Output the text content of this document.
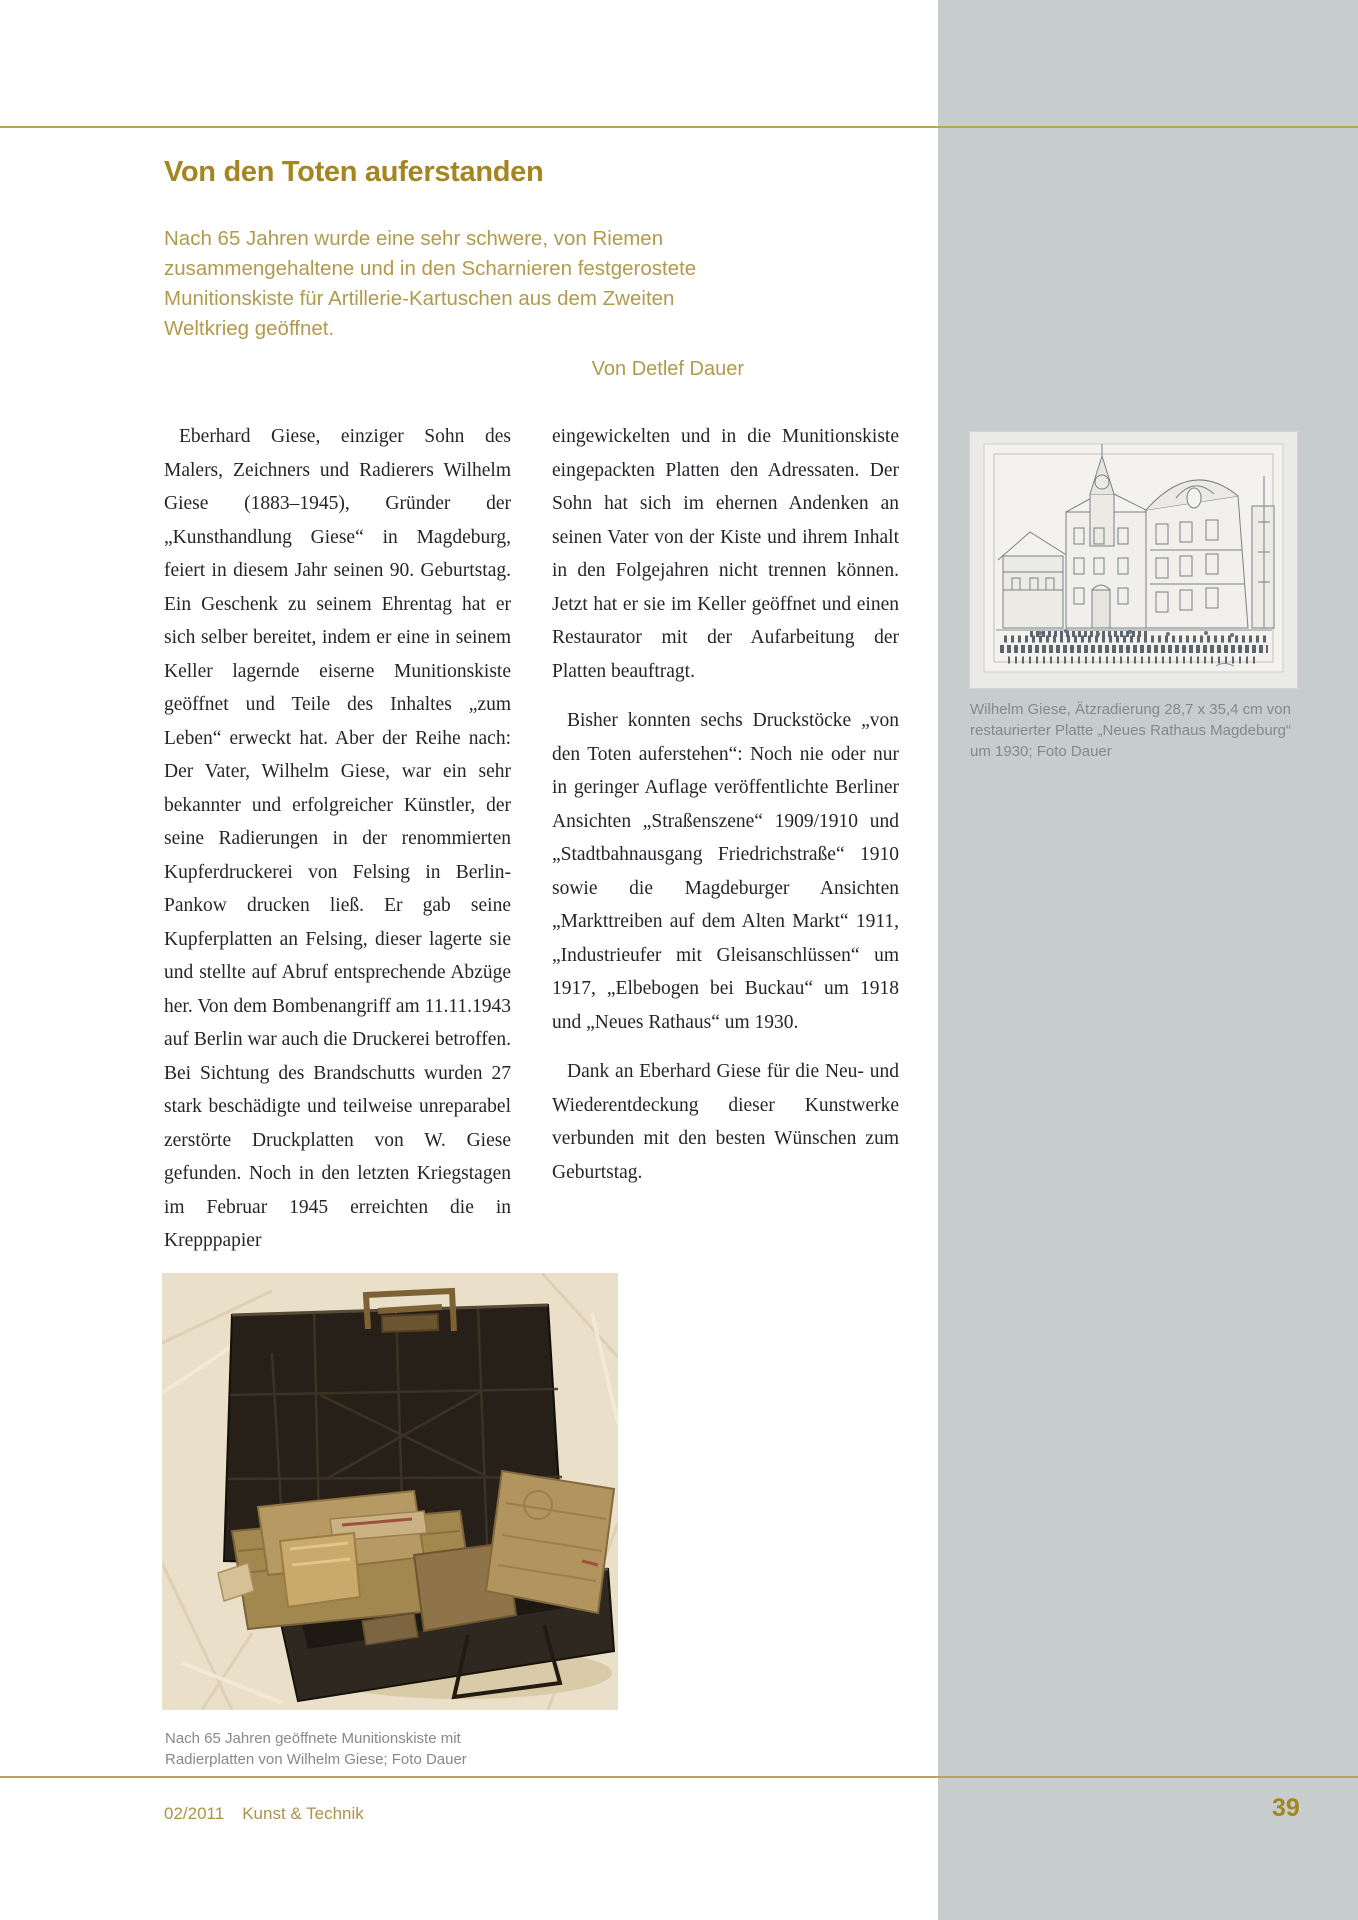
Von den Toten auferstanden
Nach 65 Jahren wurde eine sehr schwere, von Riemen zusammengehaltene und in den Scharnieren festgerostete Munitionskiste für Artillerie-Kartuschen aus dem Zweiten Weltkrieg geöffnet.
Von Detlef Dauer

Eberhard Giese, einziger Sohn des Malers, Zeichners und Radierers Wilhelm Giese (1883–1945), Gründer der „Kunsthandlung Giese“ in Magdeburg, feiert in diesem Jahr seinen 90. Geburtstag. Ein Geschenk zu seinem Ehrentag hat er sich selber bereitet, indem er eine in seinem Keller lagernde eiserne Munitionskiste geöffnet und Teile des Inhaltes „zum Leben“ erweckt hat. Aber der Reihe nach: Der Vater, Wilhelm Giese, war ein sehr bekannter und erfolgreicher Künstler, der seine Radierungen in der renommierten Kupferdruckerei von Felsing in Berlin-Pankow drucken ließ. Er gab seine Kupferplatten an Felsing, dieser lagerte sie und stellte auf Abruf entsprechende Abzüge her. Von dem Bombenangriff am 11.11.1943 auf Berlin war auch die Druckerei betroffen. Bei Sichtung des Brandschutts wurden 27 stark beschädigte und teilweise unreparabel zerstörte Druckplatten von W. Giese gefunden. Noch in den letzten Kriegstagen im Februar 1945 erreichten die in Krepppapier

eingewickelten und in die Munitionskiste eingepackten Platten den Adressaten. Der Sohn hat sich im ehernen Andenken an seinen Vater von der Kiste und ihrem Inhalt in den Folgejahren nicht trennen können. Jetzt hat er sie im Keller geöffnet und einen Restaurator mit der Aufarbeitung der Platten beauftragt.

Bisher konnten sechs Druckstöcke „von den Toten auferstehen“: Noch nie oder nur in geringer Auflage veröffentlichte Berliner Ansichten „Straßenszene“ 1909/1910 und „Stadtbahnausgang Friedrichstraße“ 1910 sowie die Magdeburger Ansichten „Markttreiben auf dem Alten Markt“ 1911, „Industrieufer mit Gleisanschlüssen“ um 1917, „Elbebogen bei Buckau“ um 1918 und „Neues Rathaus“ um 1930.

Dank an Eberhard Giese für die Neu- und Wiederentdeckung dieser Kunstwerke verbunden mit den besten Wünschen zum Geburtstag.

Wilhelm Giese, Ätzradierung 28,7 x 35,4 cm von restaurierter Platte „Neues Rathaus Magdeburg“ um 1930; Foto Dauer
Nach 65 Jahren geöffnete Munitionskiste mit Radierplatten von Wilhelm Giese; Foto Dauer
02/2011 Kunst & Technik	39
